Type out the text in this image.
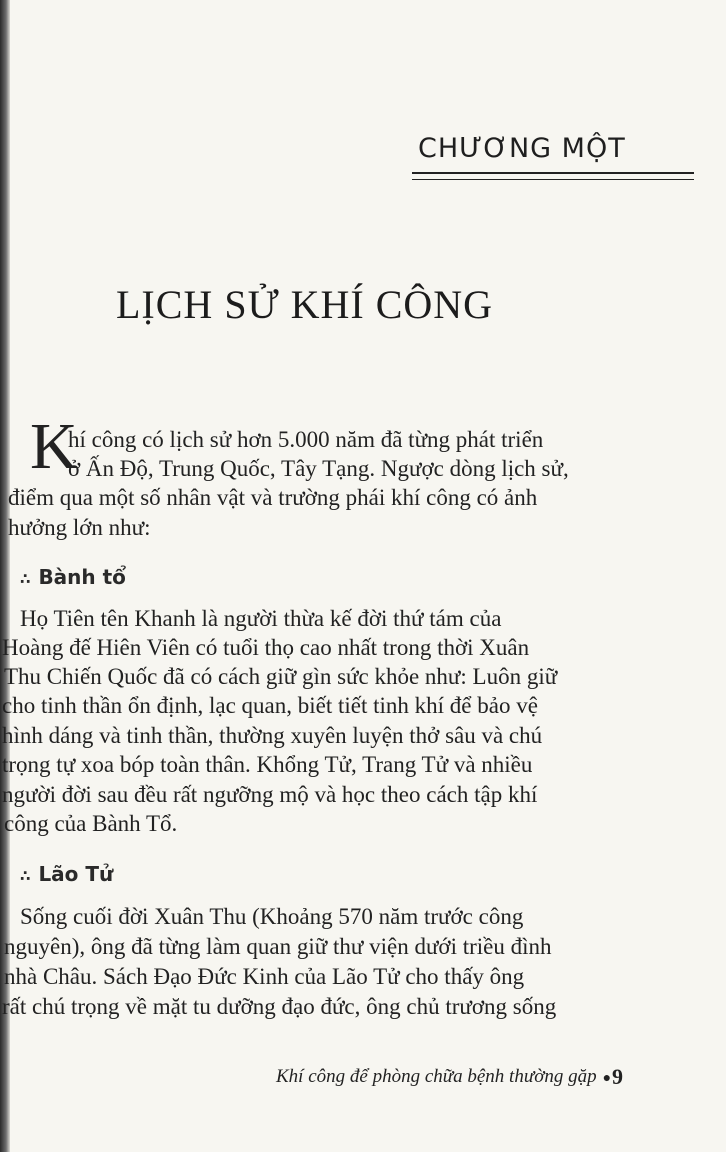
CHƯƠNG MỘT
LỊCH SỬ KHÍ CÔNG
K
hí công có lịch sử hơn 5.000 năm đã từng phát triển
ở Ấn Độ, Trung Quốc, Tây Tạng. Ngược dòng lịch sử,
điểm qua một số nhân vật và trường phái khí công có ảnh
hưởng lớn như:
∴ Bành tổ
Họ Tiên tên Khanh là người thừa kế đời thứ tám của
Hoàng đế Hiên Viên có tuổi thọ cao nhất trong thời Xuân
Thu Chiến Quốc đã có cách giữ gìn sức khỏe như: Luôn giữ
cho tinh thần ổn định, lạc quan, biết tiết tinh khí để bảo vệ
hình dáng và tinh thần, thường xuyên luyện thở sâu và chú
trọng tự xoa bóp toàn thân. Khổng Tử, Trang Tử và nhiều
người đời sau đều rất ngưỡng mộ và học theo cách tập khí
công của Bành Tổ.
∴ Lão Tử
Sống cuối đời Xuân Thu (Khoảng 570 năm trước công
nguyên), ông đã từng làm quan giữ thư viện dưới triều đình
nhà Châu. Sách Đạo Đức Kinh của Lão Tử cho thấy ông
rất chú trọng về mặt tu dưỡng đạo đức, ông chủ trương sống
Khí công để phòng chữa bệnh thường gặp ● 9
